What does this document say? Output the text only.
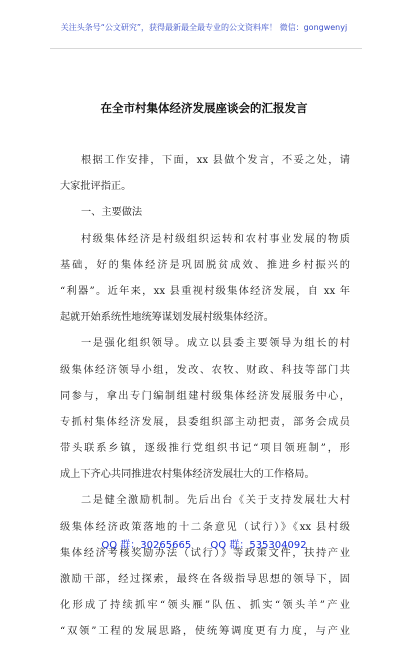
关注头条号“公文研究”，获得最新最全最专业的公文资料库！ 微信：gongwenyj
在全市村集体经济发展座谈会的汇报发言
根据工作安排，下面，xx 县做个发言，不妥之处，请
大家批评指正。
一、主要做法
村级集体经济是村级组织运转和农村事业发展的物质
基础，好的集体经济是巩固脱贫成效、推进乡村振兴的
“利器”。近年来，xx 县重视村级集体经济发展，自 xx 年
起就开始系统性地统筹谋划发展村级集体经济。
一是强化组织领导。成立以县委主要领导为组长的村
级集体经济领导小组，发改、农牧、财政、科技等部门共
同参与，拿出专门编制组建村级集体经济发展服务中心，
专抓村集体经济发展，县委组织部主动把责，部务会成员
带头联系乡镇，逐级推行党组织书记“项目领班制”，形
成上下齐心共同推进农村集体经济发展壮大的工作格局。
二是健全激励机制。先后出台《关于支持发展壮大村
级集体经济政策落地的十二条意见（试行）》《xx 县村级
集体经济考核奖励办法（试行）》等政策文件，扶持产业
激励干部，经过探索，最终在各级指导思想的领导下，固
化形成了持续抓牢“领头雁”队伍、抓实“领头羊”产业
“双领”工程的发展思路，使统筹调度更有力度，与产业
QQ 群：30265665 QQ 群：535304092
